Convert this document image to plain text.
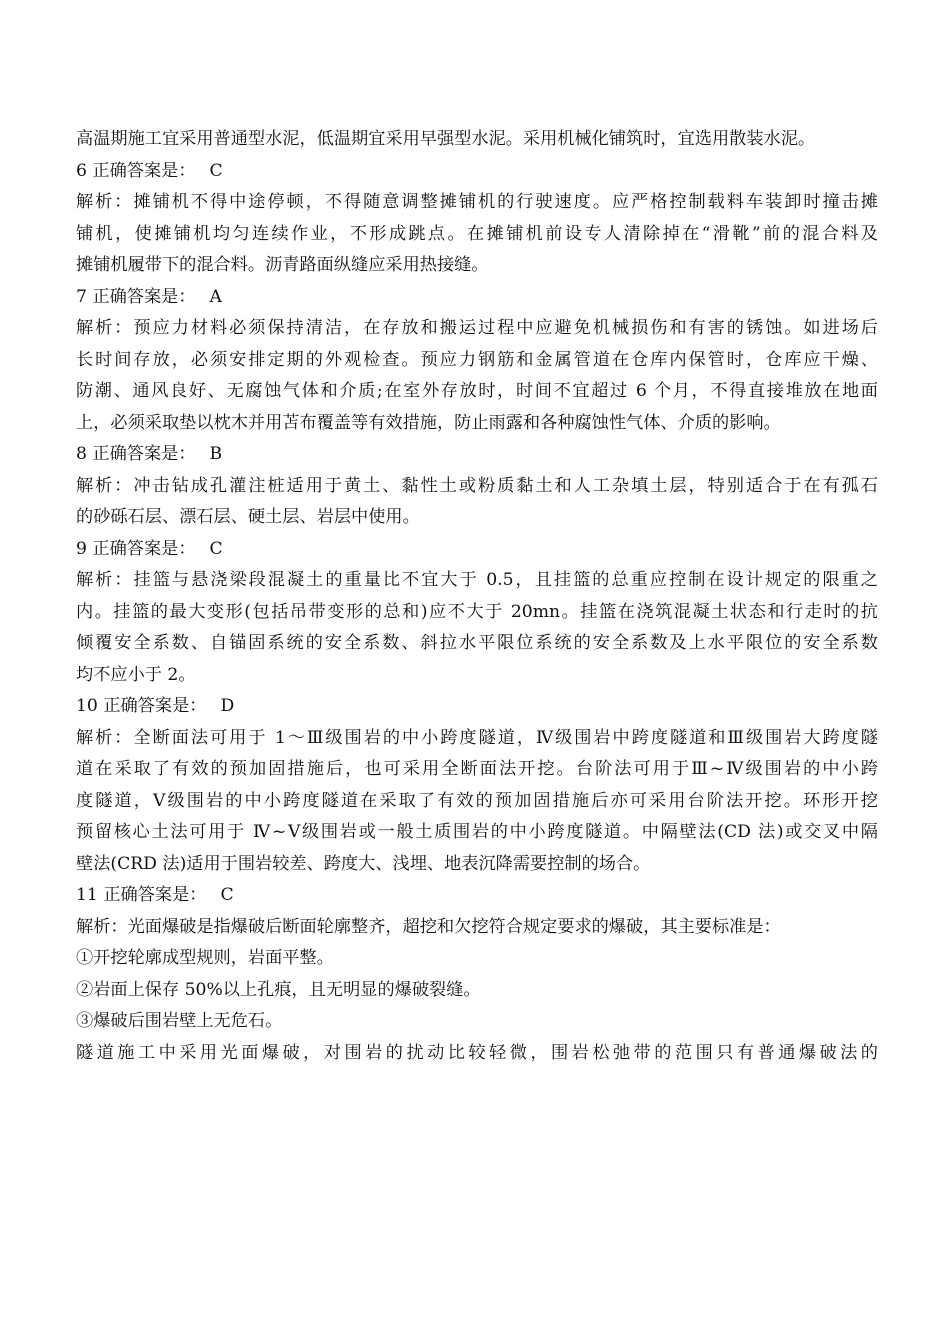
高温期施工宜采用普通型水泥，低温期宜采用早强型水泥。采用机械化铺筑时，宜选用散装水泥。
6 正确答案是： C
解析：摊铺机不得中途停顿，不得随意调整摊铺机的行驶速度。应严格控制载料车装卸时撞击摊
铺机，使摊铺机均匀连续作业，不形成跳点。在摊铺机前设专人清除掉在“滑靴”前的混合料及
摊铺机履带下的混合料。沥青路面纵缝应采用热接缝。
7 正确答案是： A
解析：预应力材料必须保持清洁，在存放和搬运过程中应避免机械损伤和有害的锈蚀。如进场后
长时间存放，必须安排定期的外观检查。预应力钢筋和金属管道在仓库内保管时，仓库应干燥、
防潮、通风良好、无腐蚀气体和介质;在室外存放时，时间不宜超过 6 个月，不得直接堆放在地面
上，必须采取垫以枕木并用苫布覆盖等有效措施，防止雨露和各种腐蚀性气体、介质的影响。
8 正确答案是： B
解析：冲击钻成孔灌注桩适用于黄土、黏性土或粉质黏土和人工杂填土层，特别适合于在有孤石
的砂砾石层、漂石层、硬土层、岩层中使用。
9 正确答案是： C
解析：挂篮与悬浇梁段混凝土的重量比不宜大于 0.5，且挂篮的总重应控制在设计规定的限重之
内。挂篮的最大变形(包括吊带变形的总和)应不大于 20mn。挂篮在浇筑混凝土状态和行走时的抗
倾覆安全系数、自锚固系统的安全系数、斜拉水平限位系统的安全系数及上水平限位的安全系数
均不应小于 2。
10 正确答案是： D
解析：全断面法可用于 1～Ⅲ级围岩的中小跨度隧道，Ⅳ级围岩中跨度隧道和Ⅲ级围岩大跨度隧
道在采取了有效的预加固措施后，也可采用全断面法开挖。台阶法可用于Ⅲ~Ⅳ级围岩的中小跨
度隧道，Ⅴ级围岩的中小跨度隧道在采取了有效的预加固措施后亦可采用台阶法开挖。环形开挖
预留核心土法可用于 Ⅳ~Ⅴ级围岩或一般土质围岩的中小跨度隧道。中隔壁法(CD 法)或交叉中隔
壁法(CRD 法)适用于围岩较差、跨度大、浅埋、地表沉降需要控制的场合。
11 正确答案是： C
解析：光面爆破是指爆破后断面轮廓整齐，超挖和欠挖符合规定要求的爆破，其主要标准是：
①开挖轮廓成型规则，岩面平整。
②岩面上保存 50%以上孔痕，且无明显的爆破裂缝。
③爆破后围岩壁上无危石。
隧道施工中采用光面爆破，对围岩的扰动比较轻微，围岩松弛带的范围只有普通爆破法的
